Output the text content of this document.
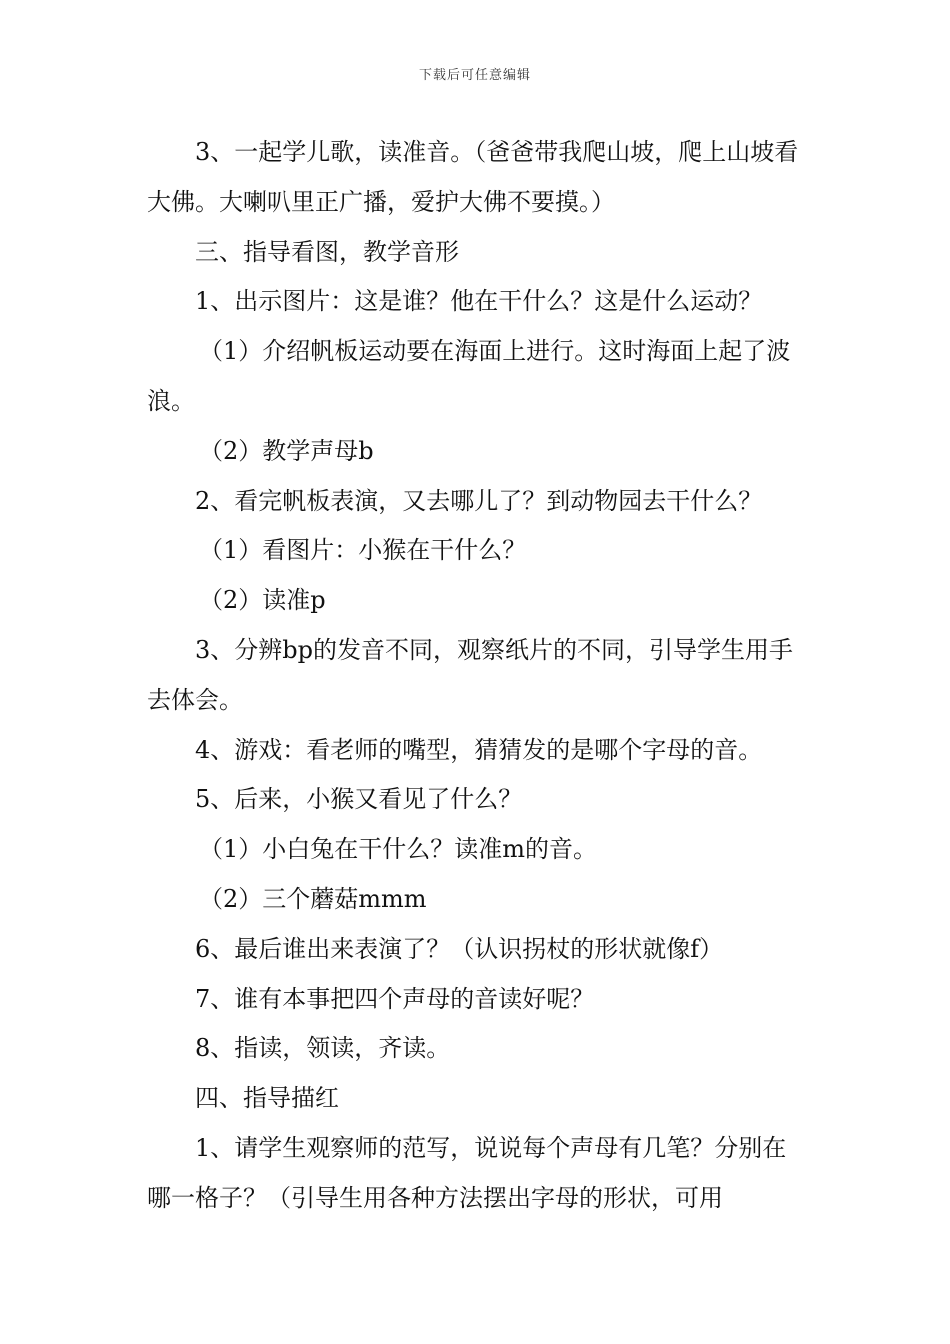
下载后可任意编辑

3、一起学儿歌，读准音。（爸爸带我爬山坡，爬上山坡看大佛。大喇叭里正广播，爱护大佛不要摸。）

三、指导看图，教学音形

1、出示图片：这是谁？他在干什么？这是什么运动？

（1）介绍帆板运动要在海面上进行。这时海面上起了波浪。

（2）教学声母b

2、看完帆板表演，又去哪儿了？到动物园去干什么？

（1）看图片：小猴在干什么？

（2）读准p

3、分辨bp的发音不同，观察纸片的不同，引导学生用手去体会。

4、游戏：看老师的嘴型，猜猜发的是哪个字母的音。

5、后来，小猴又看见了什么？

（1）小白兔在干什么？读准m的音。

（2）三个蘑菇mmm

6、最后谁出来表演了？（认识拐杖的形状就像f）

7、谁有本事把四个声母的音读好呢？

8、指读，领读，齐读。

四、指导描红

1、请学生观察师的范写，说说每个声母有几笔？分别在哪一格子？（引导生用各种方法摆出字母的形状，可用
